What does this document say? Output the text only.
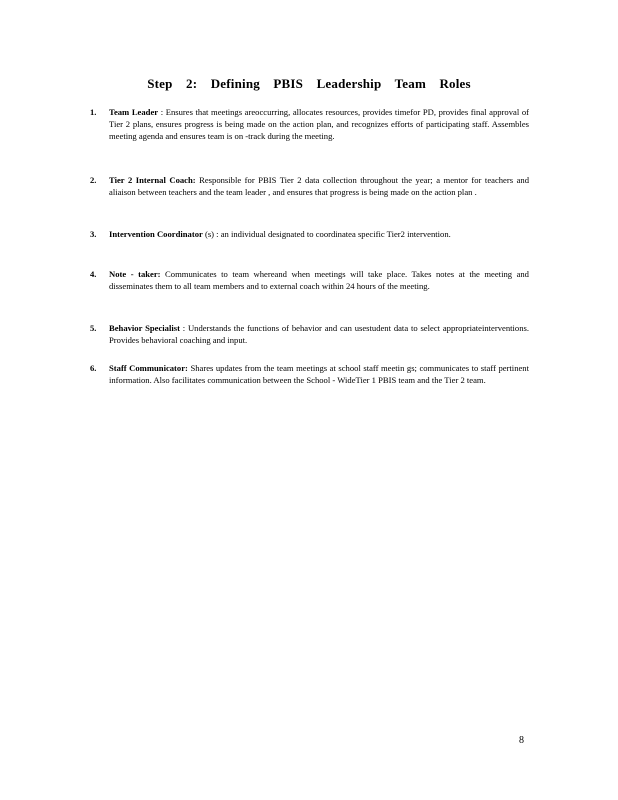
Step 2: Defining PBIS Leadership Team Roles
1. Team Leader : Ensures that meetings areoccurring, allocates resources, provides timefor PD, provides final approval of Tier 2 plans, ensures progress is being made on the action plan, and recognizes efforts of participating staff. Assembles meeting agenda and ensures team is on -track during the meeting.
2. Tier 2 Internal Coach: Responsible for PBIS Tier 2 data collection throughout the year; a mentor for teachers and aliaison between teachers and the team leader , and ensures that progress is being made on the action plan .
3. Intervention Coordinator (s) : an individual designated to coordinatea specific Tier2 intervention.
4. Note - taker: Communicates to team whereand when meetings will take place. Takes notes at the meeting and disseminates them to all team members and to external coach within 24 hours of the meeting.
5. Behavior Specialist : Understands the functions of behavior and can usestudent data to select appropriateinterventions. Provides behavioral coaching and input.
6. Staff Communicator: Shares updates from the team meetings at school staff meetin gs; communicates to staff pertinent information. Also facilitates communication between the School - WideTier 1 PBIS team and the Tier 2 team.
8
